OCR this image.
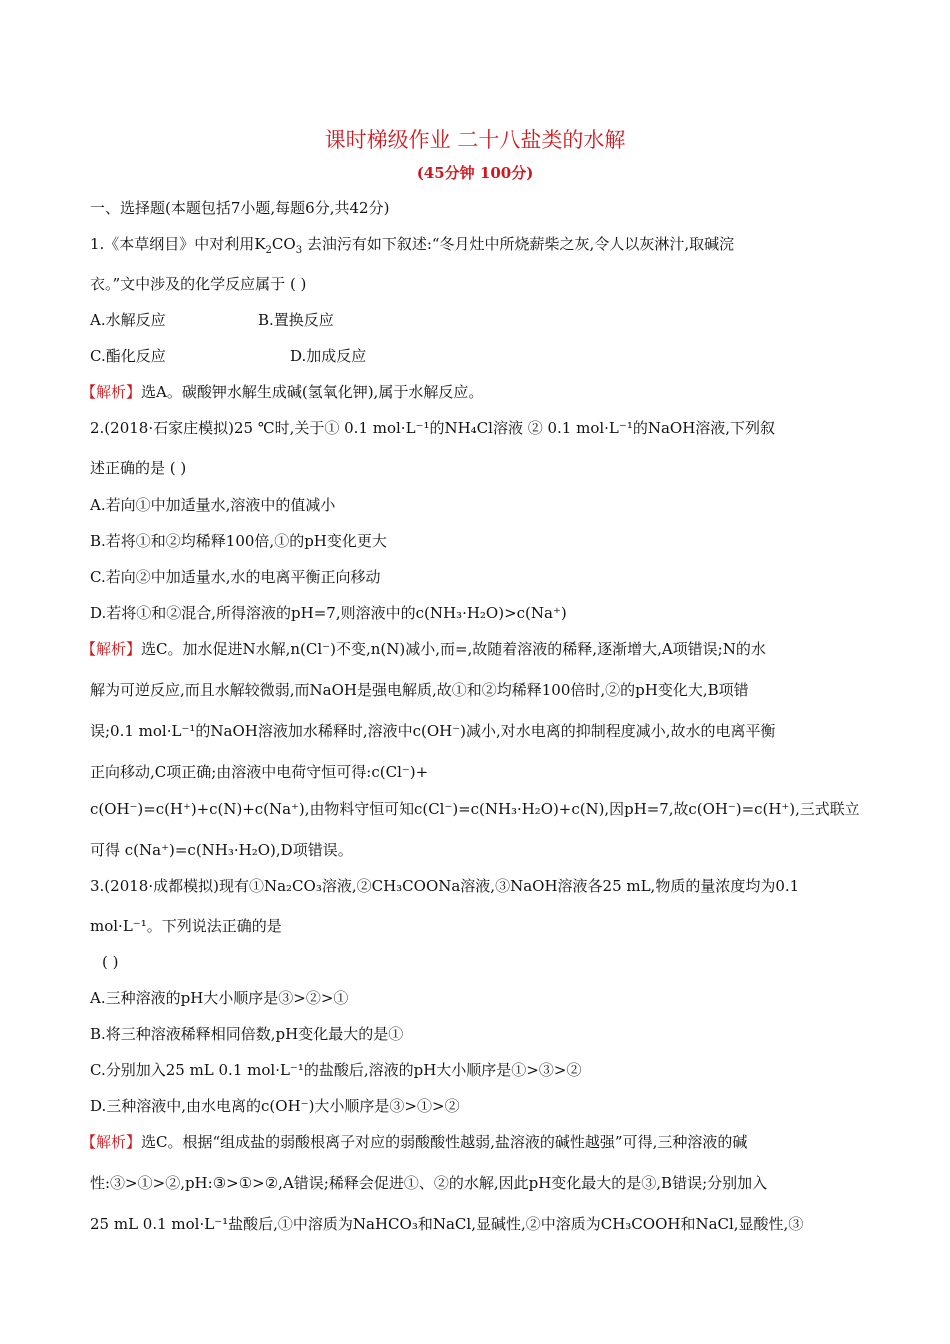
课时梯级作业 二十八盐类的水解
(45分钟 100分)
一、选择题(本题包括7小题,每题6分,共42分)
1.《本草纲目》中对利用$K_2CO_3$ 去油污有如下叙述:“冬月灶中所烧薪柴之灰,令人以灰淋汁,取碱浣
衣。”文中涉及的化学反应属于 ( )
A.水解反应	B.置换反应
C.酯化反应	D.加成反应
【解析】选A。碳酸钾水解生成碱(氢氧化钾),属于水解反应。
2.(2018·石家庄模拟)25 ℃时,关于① 0.1 mol·L⁻¹的NH₄Cl溶液 ② 0.1 mol·L⁻¹的NaOH溶液,下列叙
述正确的是 ( )
A.若向①中加适量水,溶液中的值减小
B.若将①和②均稀释100倍,①的pH变化更大
C.若向②中加适量水,水的电离平衡正向移动
D.若将①和②混合,所得溶液的pH=7,则溶液中的c(NH₃·H₂O)>c(Na⁺)
【解析】选C。加水促进N水解,n(Cl⁻)不变,n(N)减小,而=,故随着溶液的稀释,逐渐增大,A项错误;N的水
解为可逆反应,而且水解较微弱,而NaOH是强电解质,故①和②均稀释100倍时,②的pH变化大,B项错
误;0.1 mol·L⁻¹的NaOH溶液加水稀释时,溶液中c(OH⁻)减小,对水电离的抑制程度减小,故水的电离平衡
正向移动,C项正确;由溶液中电荷守恒可得:c(Cl⁻)+
c(OH⁻)=c(H⁺)+c(N)+c(Na⁺),由物料守恒可知c(Cl⁻)=c(NH₃·H₂O)+c(N),因pH=7,故c(OH⁻)=c(H⁺),三式联立
可得 c(Na⁺)=c(NH₃·H₂O),D项错误。
3.(2018·成都模拟)现有①Na₂CO₃溶液,②CH₃COONa溶液,③NaOH溶液各25 mL,物质的量浓度均为0.1
mol·L⁻¹。下列说法正确的是
( )
A.三种溶液的pH大小顺序是③>②>①
B.将三种溶液稀释相同倍数,pH变化最大的是①
C.分别加入25 mL 0.1 mol·L⁻¹的盐酸后,溶液的pH大小顺序是①>③>②
D.三种溶液中,由水电离的c(OH⁻)大小顺序是③>①>②
【解析】选C。根据“组成盐的弱酸根离子对应的弱酸酸性越弱,盐溶液的碱性越强”可得,三种溶液的碱
性:③>①>②,pH:③>①>②,A错误;稀释会促进①、②的水解,因此pH变化最大的是③,B错误;分别加入
25 mL 0.1 mol·L⁻¹盐酸后,①中溶质为NaHCO₃和NaCl,显碱性,②中溶质为CH₃COOH和NaCl,显酸性,③
